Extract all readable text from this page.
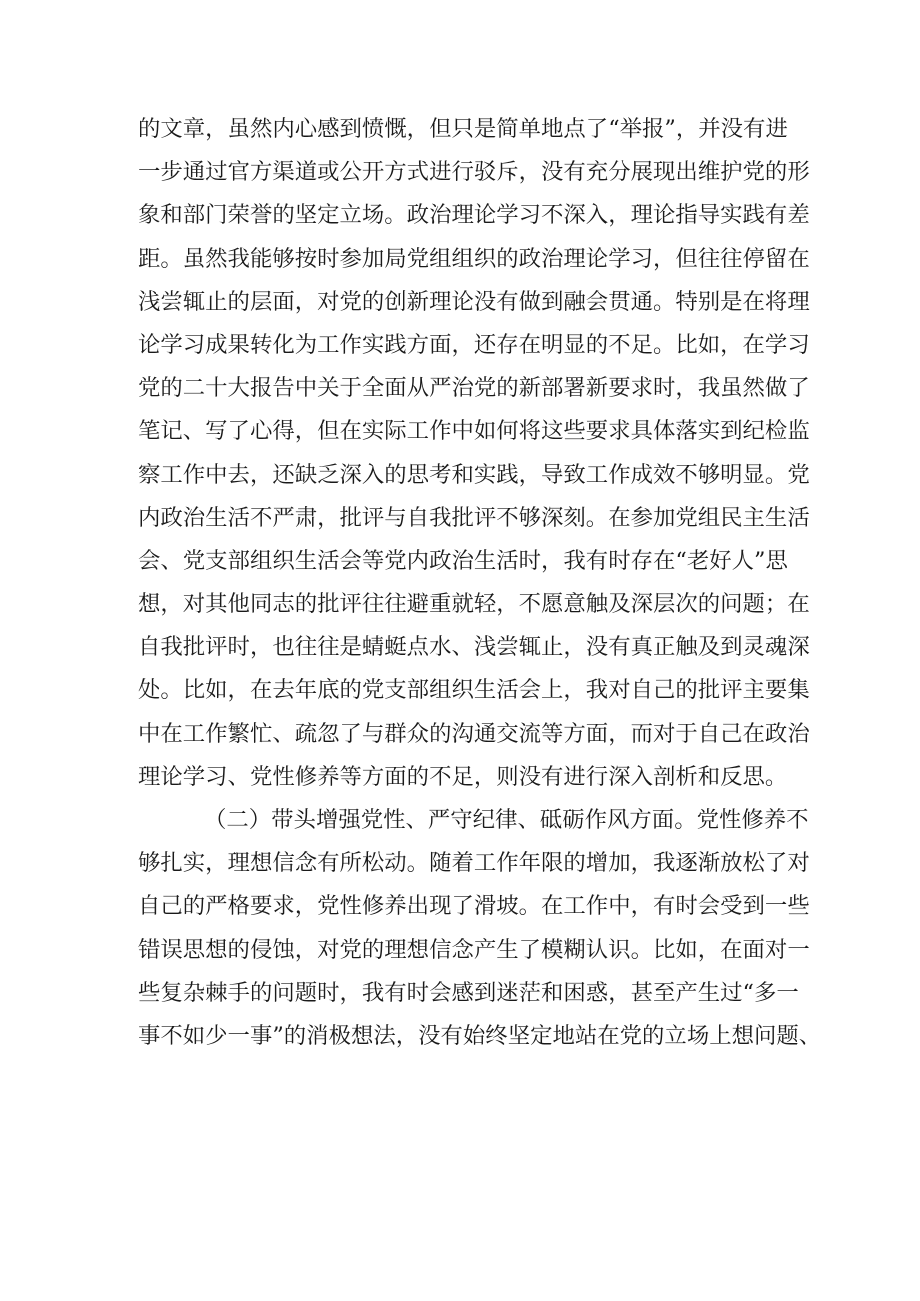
的文章，虽然内心感到愤慨，但只是简单地点了“举报”，并没有进
一步通过官方渠道或公开方式进行驳斥，没有充分展现出维护党的形
象和部门荣誉的坚定立场。政治理论学习不深入，理论指导实践有差
距。虽然我能够按时参加局党组组织的政治理论学习，但往往停留在
浅尝辄止的层面，对党的创新理论没有做到融会贯通。特别是在将理
论学习成果转化为工作实践方面，还存在明显的不足。比如，在学习
党的二十大报告中关于全面从严治党的新部署新要求时，我虽然做了
笔记、写了心得，但在实际工作中如何将这些要求具体落实到纪检监
察工作中去，还缺乏深入的思考和实践，导致工作成效不够明显。党
内政治生活不严肃，批评与自我批评不够深刻。在参加党组民主生活
会、党支部组织生活会等党内政治生活时，我有时存在“老好人”思
想，对其他同志的批评往往避重就轻，不愿意触及深层次的问题；在
自我批评时，也往往是蜻蜓点水、浅尝辄止，没有真正触及到灵魂深
处。比如，在去年底的党支部组织生活会上，我对自己的批评主要集
中在工作繁忙、疏忽了与群众的沟通交流等方面，而对于自己在政治
理论学习、党性修养等方面的不足，则没有进行深入剖析和反思。
（二）带头增强党性、严守纪律、砥砺作风方面。党性修养不
够扎实，理想信念有所松动。随着工作年限的增加，我逐渐放松了对
自己的严格要求，党性修养出现了滑坡。在工作中，有时会受到一些
错误思想的侵蚀，对党的理想信念产生了模糊认识。比如，在面对一
些复杂棘手的问题时，我有时会感到迷茫和困惑，甚至产生过“多一
事不如少一事”的消极想法，没有始终坚定地站在党的立场上想问题、
